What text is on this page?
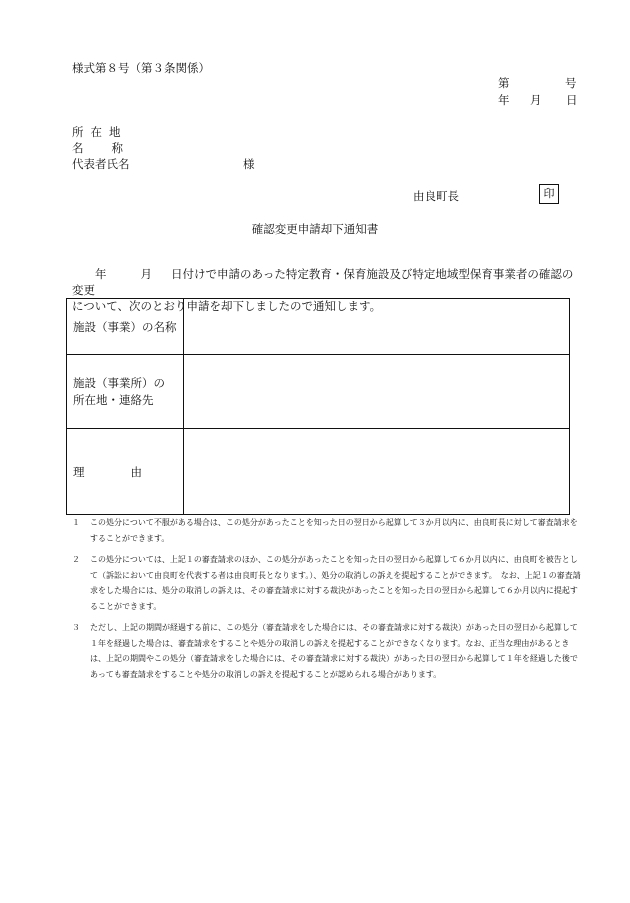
様式第８号（第３条関係）
第	号
年 月 日
所在地
名称
代表者氏名	様
由良町長	印
確認変更申請却下通知書
年	月 日付けで申請のあった特定教育・保育施設及び特定地域型保育事業者の確認の変更
について、次のとおり申請を却下しましたので通知します。
施設（事業）の名称	
施設（事業所）の
所在地・連絡先	
理　　　　由	
１ この処分について不服がある場合は、この処分があったことを知った日の翌日から起算して３か月以内に、由良町長に対して審査請求をすることができます。
２ この処分については、上記１の審査請求のほか、この処分があったことを知った日の翌日から起算して６か月以内に、由良町を被告として（訴訟において由良町を代表する者は由良町長となります。）、処分の取消しの訴えを提起することができます。　なお、上記１の審査請求をした場合には、処分の取消しの訴えは、その審査請求に対する裁決があったことを知った日の翌日から起算して６か月以内に提起することができます。
３ ただし、上記の期間が経過する前に、この処分（審査請求をした場合には、その審査請求に対する裁決）があった日の翌日から起算して１年を経過した場合は、審査請求をすることや処分の取消しの訴えを提起することができなくなります。なお、正当な理由があるときは、上記の期間やこの処分（審査請求をした場合には、その審査請求に対する裁決）があった日の翌日から起算して１年を経過した後であっても審査請求をすることや処分の取消しの訴えを提起することが認められる場合があります。
